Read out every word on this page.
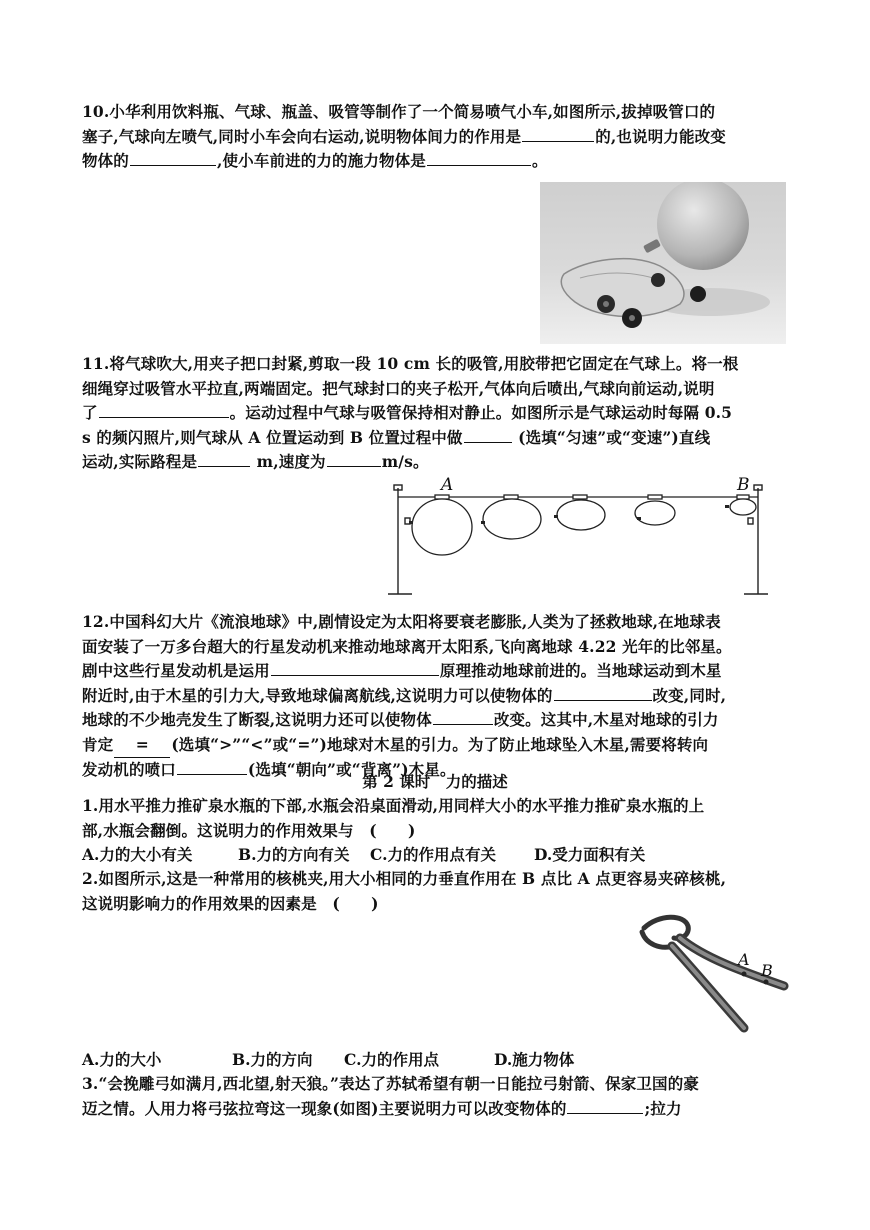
10.小华利用饮料瓶、气球、瓶盖、吸管等制作了一个简易喷气小车,如图所示,拔掉吸管口的
塞子,气球向左喷气,同时小车会向右运动,说明物体间力的作用是	的,也说明力能改变
物体的	,使小车前进的力的施力物体是	。
11.将气球吹大,用夹子把口封紧,剪取一段 10 cm 长的吸管,用胶带把它固定在气球上。将一根
细绳穿过吸管水平拉直,两端固定。把气球封口的夹子松开,气体向后喷出,气球向前运动,说明
了	。运动过程中气球与吸管保持相对静止。如图所示是气球运动时每隔 0.5
s 的频闪照片,则气球从 A 位置运动到 B 位置过程中做	(选填“匀速”或“变速”)直线
运动,实际路程是	m,速度为	m/s。
A	B
12.中国科幻大片《流浪地球》中,剧情设定为太阳将要衰老膨胀,人类为了拯救地球,在地球表
面安装了一万多台超大的行星发动机来推动地球离开太阳系,飞向离地球 4.22 光年的比邻星。
剧中这些行星发动机是运用	原理推动地球前进的。当地球运动到木星
附近时,由于木星的引力大,导致地球偏离航线,这说明力可以使物体的	改变,同时,
地球的不少地壳发生了断裂,这说明力还可以使物体	改变。这其中,木星对地球的引力
肯定 = (选填“>”“<”或“=”)地球对木星的引力。为了防止地球坠入木星,需要将转向
发动机的喷口	(选填“朝向”或“背离”)木星。
第 2 课时　力的描述
1.用水平推力推矿泉水瓶的下部,水瓶会沿桌面滑动,用同样大小的水平推力推矿泉水瓶的上
部,水瓶会翻倒。这说明力的作用效果与　(　　)
A.力的大小有关	B.力的方向有关 C.力的作用点有关 D.受力面积有关
2.如图所示,这是一种常用的核桃夹,用大小相同的力垂直作用在 B 点比 A 点更容易夹碎核桃,
这说明影响力的作用效果的因素是　(　　)
A
B
A.力的大小	B.力的方向 C.力的作用点	D.施力物体
3.“会挽雕弓如满月,西北望,射天狼。”表达了苏轼希望有朝一日能拉弓射箭、保家卫国的豪
迈之情。人用力将弓弦拉弯这一现象(如图)主要说明力可以改变物体的	;拉力
